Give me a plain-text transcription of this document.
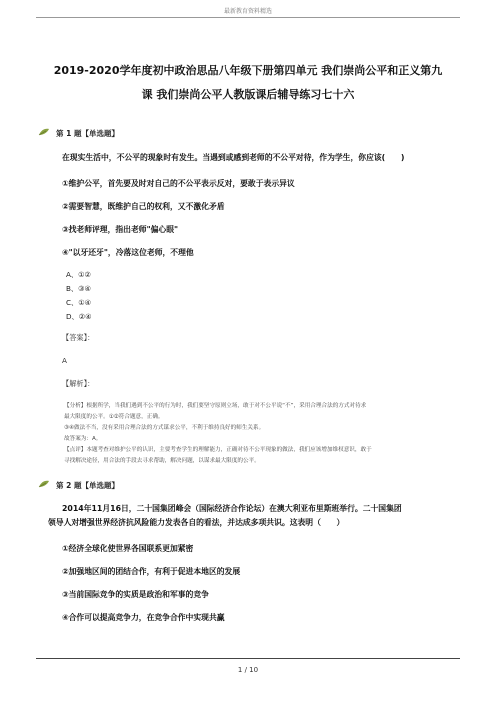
最新教育资料精选
2019-2020学年度初中政治思品八年级下册第四单元 我们崇尚公平和正义第九
课 我们崇尚公平人教版课后辅导练习七十六
第 1 题【单选题】
在现实生活中，不公平的现象时有发生。当遇到或感到老师的不公平对待，作为学生，你应该(　　)
①维护公平，首先要及时对自己的不公平表示反对，要敢于表示异议
②需要智慧，既维护自己的权利，又不激化矛盾
③找老师评理，指出老师"偏心眼"
④"以牙还牙"，冷落这位老师，不理他
A、①②
B、③④
C、①④
D、②④
【答案】：
A
【解析】：
【分析】根据所学，当我们遇到不公平的行为时，我们要坚守原则立场，敢于对不公平说“不”，采用合理合法的方式对待求
最大限度的公平。①②符合题意，正确。
③④做法不当，没有采用合理合法的方式谋求公平，不利于维持良好的师生关系。
故答案为：A。
【点评】本题考查对维护公平的认识，主要考查学生的理解能力，正确对待不公平现象的做法，我们应该增加维权意识，敢于
寻找解决途径，用合法的手段去寻求帮助，解决问题，以谋求最大限度的公平。
第 2 题【单选题】
2014年11月16日，二十国集团峰会（国际经济合作论坛）在澳大利亚布里斯班举行。二十国集团
领导人对增强世界经济抗风险能力发表各自的看法，并达成多项共识。这表明（　　）
①经济全球化使世界各国联系更加紧密
②加强地区间的团结合作，有利于促进本地区的发展
③当前国际竞争的实质是政治和军事的竞争
④合作可以提高竞争力，在竞争合作中实现共赢
1 / 10
